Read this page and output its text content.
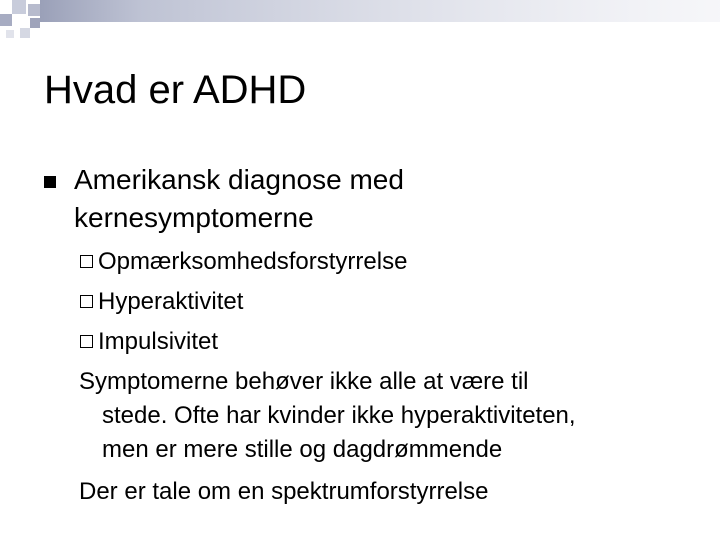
Hvad er ADHD
Amerikansk diagnose med
kernesymptomerne
Opmærksomhedsforstyrrelse
Hyperaktivitet
Impulsivitet
Symptomerne behøver ikke alle at være til
stede. Ofte har kvinder ikke hyperaktiviteten,
men er mere stille og dagdrømmende
Der er tale om en spektrumforstyrrelse
